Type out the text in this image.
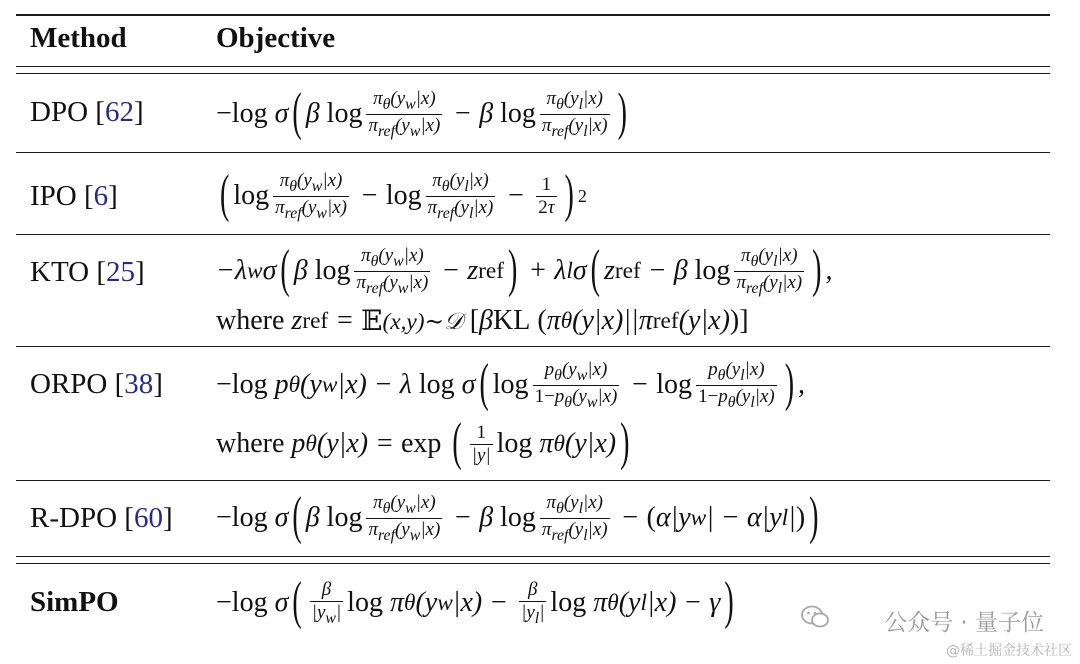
Method	Objective
DPO [62]	−log σ ( β $\log \frac{\pi_\theta(y_w|x)}{\pi_{ref}(y_w|x)} - \beta$ $\log \frac{\pi_\theta(y_l|x)}{\pi_{ref}(y_l|x)}$ )
IPO [6]	( $\log \frac{\pi_\theta(y_w|x)}{\pi_{ref}(y_w|x)} - \log \frac{\pi_\theta(y_l|x)}{\pi_{ref}(y_l|x)} - \frac{1}{2\tau}$ ) 2
KTO [25]	−λ w σ ( β $\log \frac{\pi_\theta(y_w|x)}{\pi_{ref}(y_w|x)} - z$ ref ) + λ l σ ( z ref − β $\log \frac{\pi_\theta(y_l|x)}{\pi_{ref}(y_l|x)}$ ) ,
where z ref = 𝔼 (x,y)∼𝒟
[ β KL
( π θ (y|x)||π ref (y|x) )]
ORPO [38] −log p θ (y w |x) − λ log σ ( $\log \frac{p_\theta(y_w|x)}{1-p_\theta(y_w|x)} - \log \frac{p_\theta(y_l|x)}{1-p_\theta(y_l|x)}$ ) ,
where p θ (y|x) = exp
( $\frac{1}{|y|}$ log π θ (y|x) )
R-DPO [60] −log σ ( β $\log \frac{\pi_\theta(y_w|x)}{\pi_{ref}(y_w|x)} - \beta$ $\log \frac{\pi_\theta(y_l|x)}{\pi_{ref}(y_l|x)}$ − ( α|y w | − α|y l | ) )
SimPO	−log σ ( $\frac{\beta}{|y_w|}$ log π θ (y w $|x) - \frac{\beta}{|y_l|}$ log π θ (y l |x) − γ )	公众号 · 量子位
@稀土掘金技术社区
